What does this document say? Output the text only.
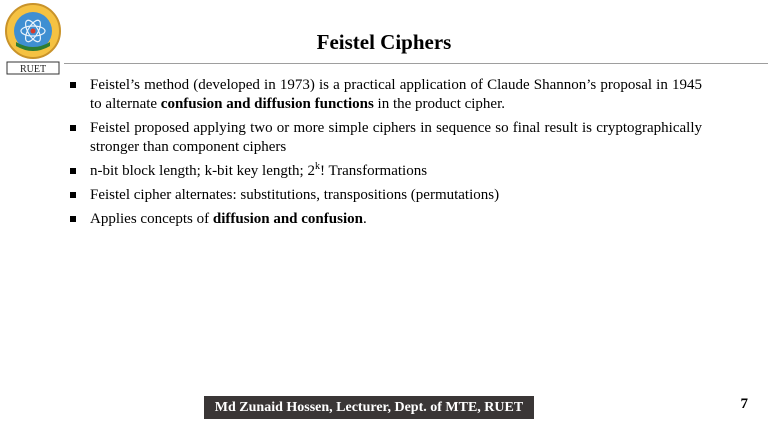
RUET
Feistel Ciphers
Feistel’s method (developed in 1973) is a practical application of Claude Shannon’s proposal in 1945 to alternate confusion and diffusion functions in the product cipher.
Feistel proposed applying two or more simple ciphers in sequence so final result is cryptographically stronger than component ciphers
n-bit block length; k-bit key length; 2$^k$! Transformations
Feistel cipher alternates: substitutions, transpositions (permutations)
Applies concepts of diffusion and confusion.
Md Zunaid Hossen, Lecturer, Dept. of MTE, RUET	7
